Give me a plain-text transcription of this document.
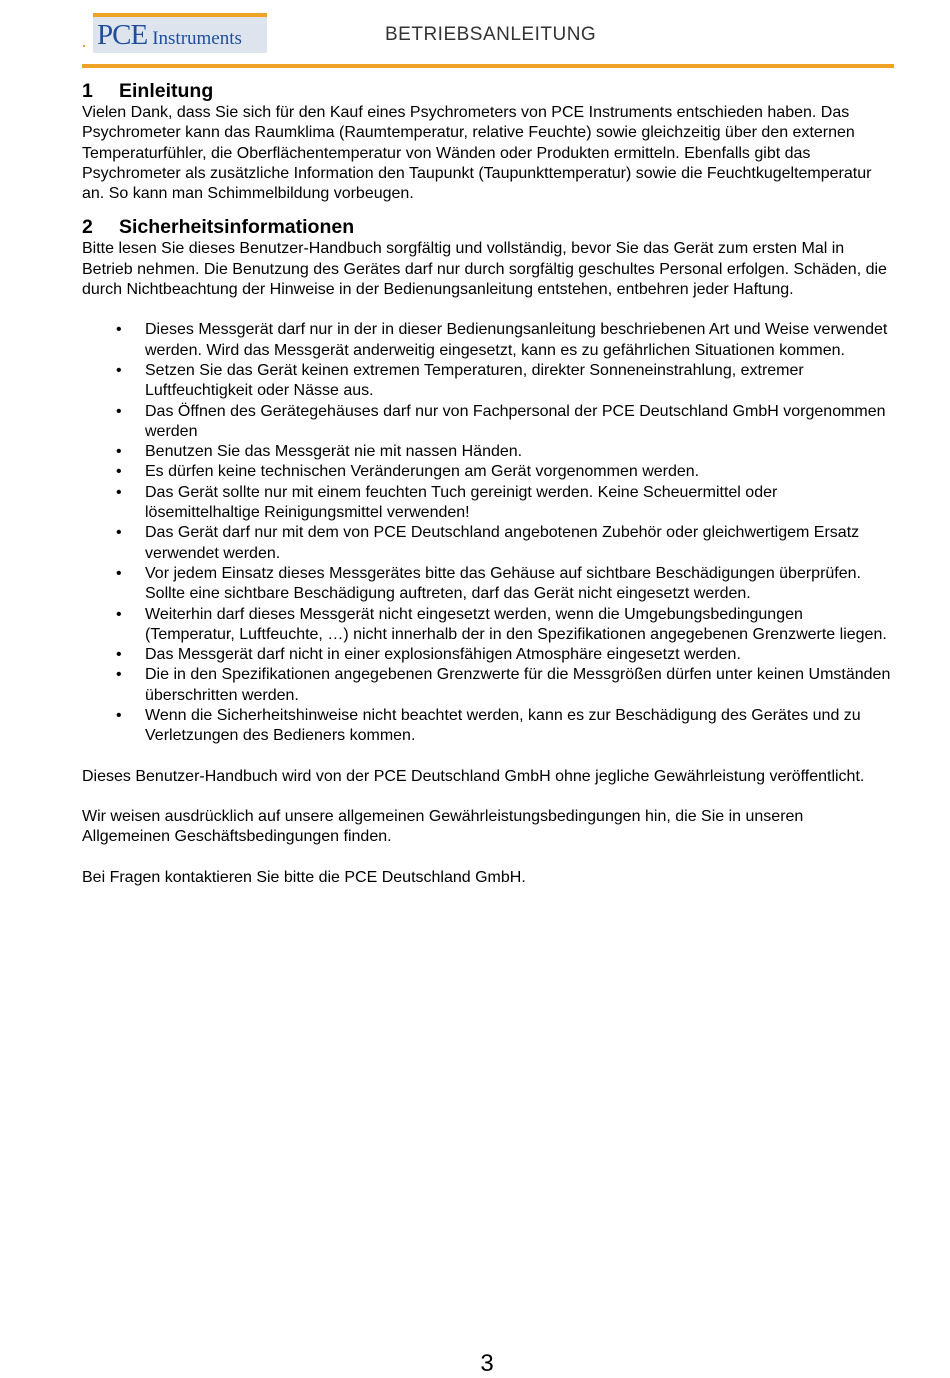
PCE Instruments	BETRIEBSANLEITUNG
1 Einleitung

Vielen Dank, dass Sie sich für den Kauf eines Psychrometers von PCE Instruments entschieden haben. Das Psychrometer kann das Raumklima (Raumtemperatur, relative Feuchte) sowie gleichzeitig über den externen Temperaturfühler, die Oberflächentemperatur von Wänden oder Produkten ermitteln. Ebenfalls gibt das Psychrometer als zusätzliche Information den Taupunkt (Taupunkttemperatur) sowie die Feuchtkugeltemperatur an. So kann man Schimmelbildung vorbeugen.

2 Sicherheitsinformationen

Bitte lesen Sie dieses Benutzer-Handbuch sorgfältig und vollständig, bevor Sie das Gerät zum ersten Mal in Betrieb nehmen. Die Benutzung des Gerätes darf nur durch sorgfältig geschultes Personal erfolgen. Schäden, die durch Nichtbeachtung der Hinweise in der Bedienungsanleitung entstehen, entbehren jeder Haftung.

• Dieses Messgerät darf nur in der in dieser Bedienungsanleitung beschriebenen Art und Weise verwendet werden. Wird das Messgerät anderweitig eingesetzt, kann es zu gefährlichen Situationen kommen.
• Setzen Sie das Gerät keinen extremen Temperaturen, direkter Sonneneinstrahlung, extremer Luftfeuchtigkeit oder Nässe aus.
• Das Öffnen des Gerätegehäuses darf nur von Fachpersonal der PCE Deutschland GmbH vorgenommen werden
• Benutzen Sie das Messgerät nie mit nassen Händen.
• Es dürfen keine technischen Veränderungen am Gerät vorgenommen werden.
• Das Gerät sollte nur mit einem feuchten Tuch gereinigt werden. Keine Scheuermittel oder lösemittelhaltige Reinigungsmittel verwenden!
• Das Gerät darf nur mit dem von PCE Deutschland angebotenen Zubehör oder gleichwertigem Ersatz verwendet werden.
• Vor jedem Einsatz dieses Messgerätes bitte das Gehäuse auf sichtbare Beschädigungen überprüfen. Sollte eine sichtbare Beschädigung auftreten, darf das Gerät nicht eingesetzt werden.
• Weiterhin darf dieses Messgerät nicht eingesetzt werden, wenn die Umgebungsbedingungen (Temperatur, Luftfeuchte, …) nicht innerhalb der in den Spezifikationen angegebenen Grenzwerte liegen.
• Das Messgerät darf nicht in einer explosionsfähigen Atmosphäre eingesetzt werden.
• Die in den Spezifikationen angegebenen Grenzwerte für die Messgrößen dürfen unter keinen Umständen überschritten werden.
• Wenn die Sicherheitshinweise nicht beachtet werden, kann es zur Beschädigung des Gerätes und zu Verletzungen des Bedieners kommen.

Dieses Benutzer-Handbuch wird von der PCE Deutschland GmbH ohne jegliche Gewährleistung veröffentlicht.

Wir weisen ausdrücklich auf unsere allgemeinen Gewährleistungsbedingungen hin, die Sie in unseren Allgemeinen Geschäftsbedingungen finden.

Bei Fragen kontaktieren Sie bitte die PCE Deutschland GmbH.

3
